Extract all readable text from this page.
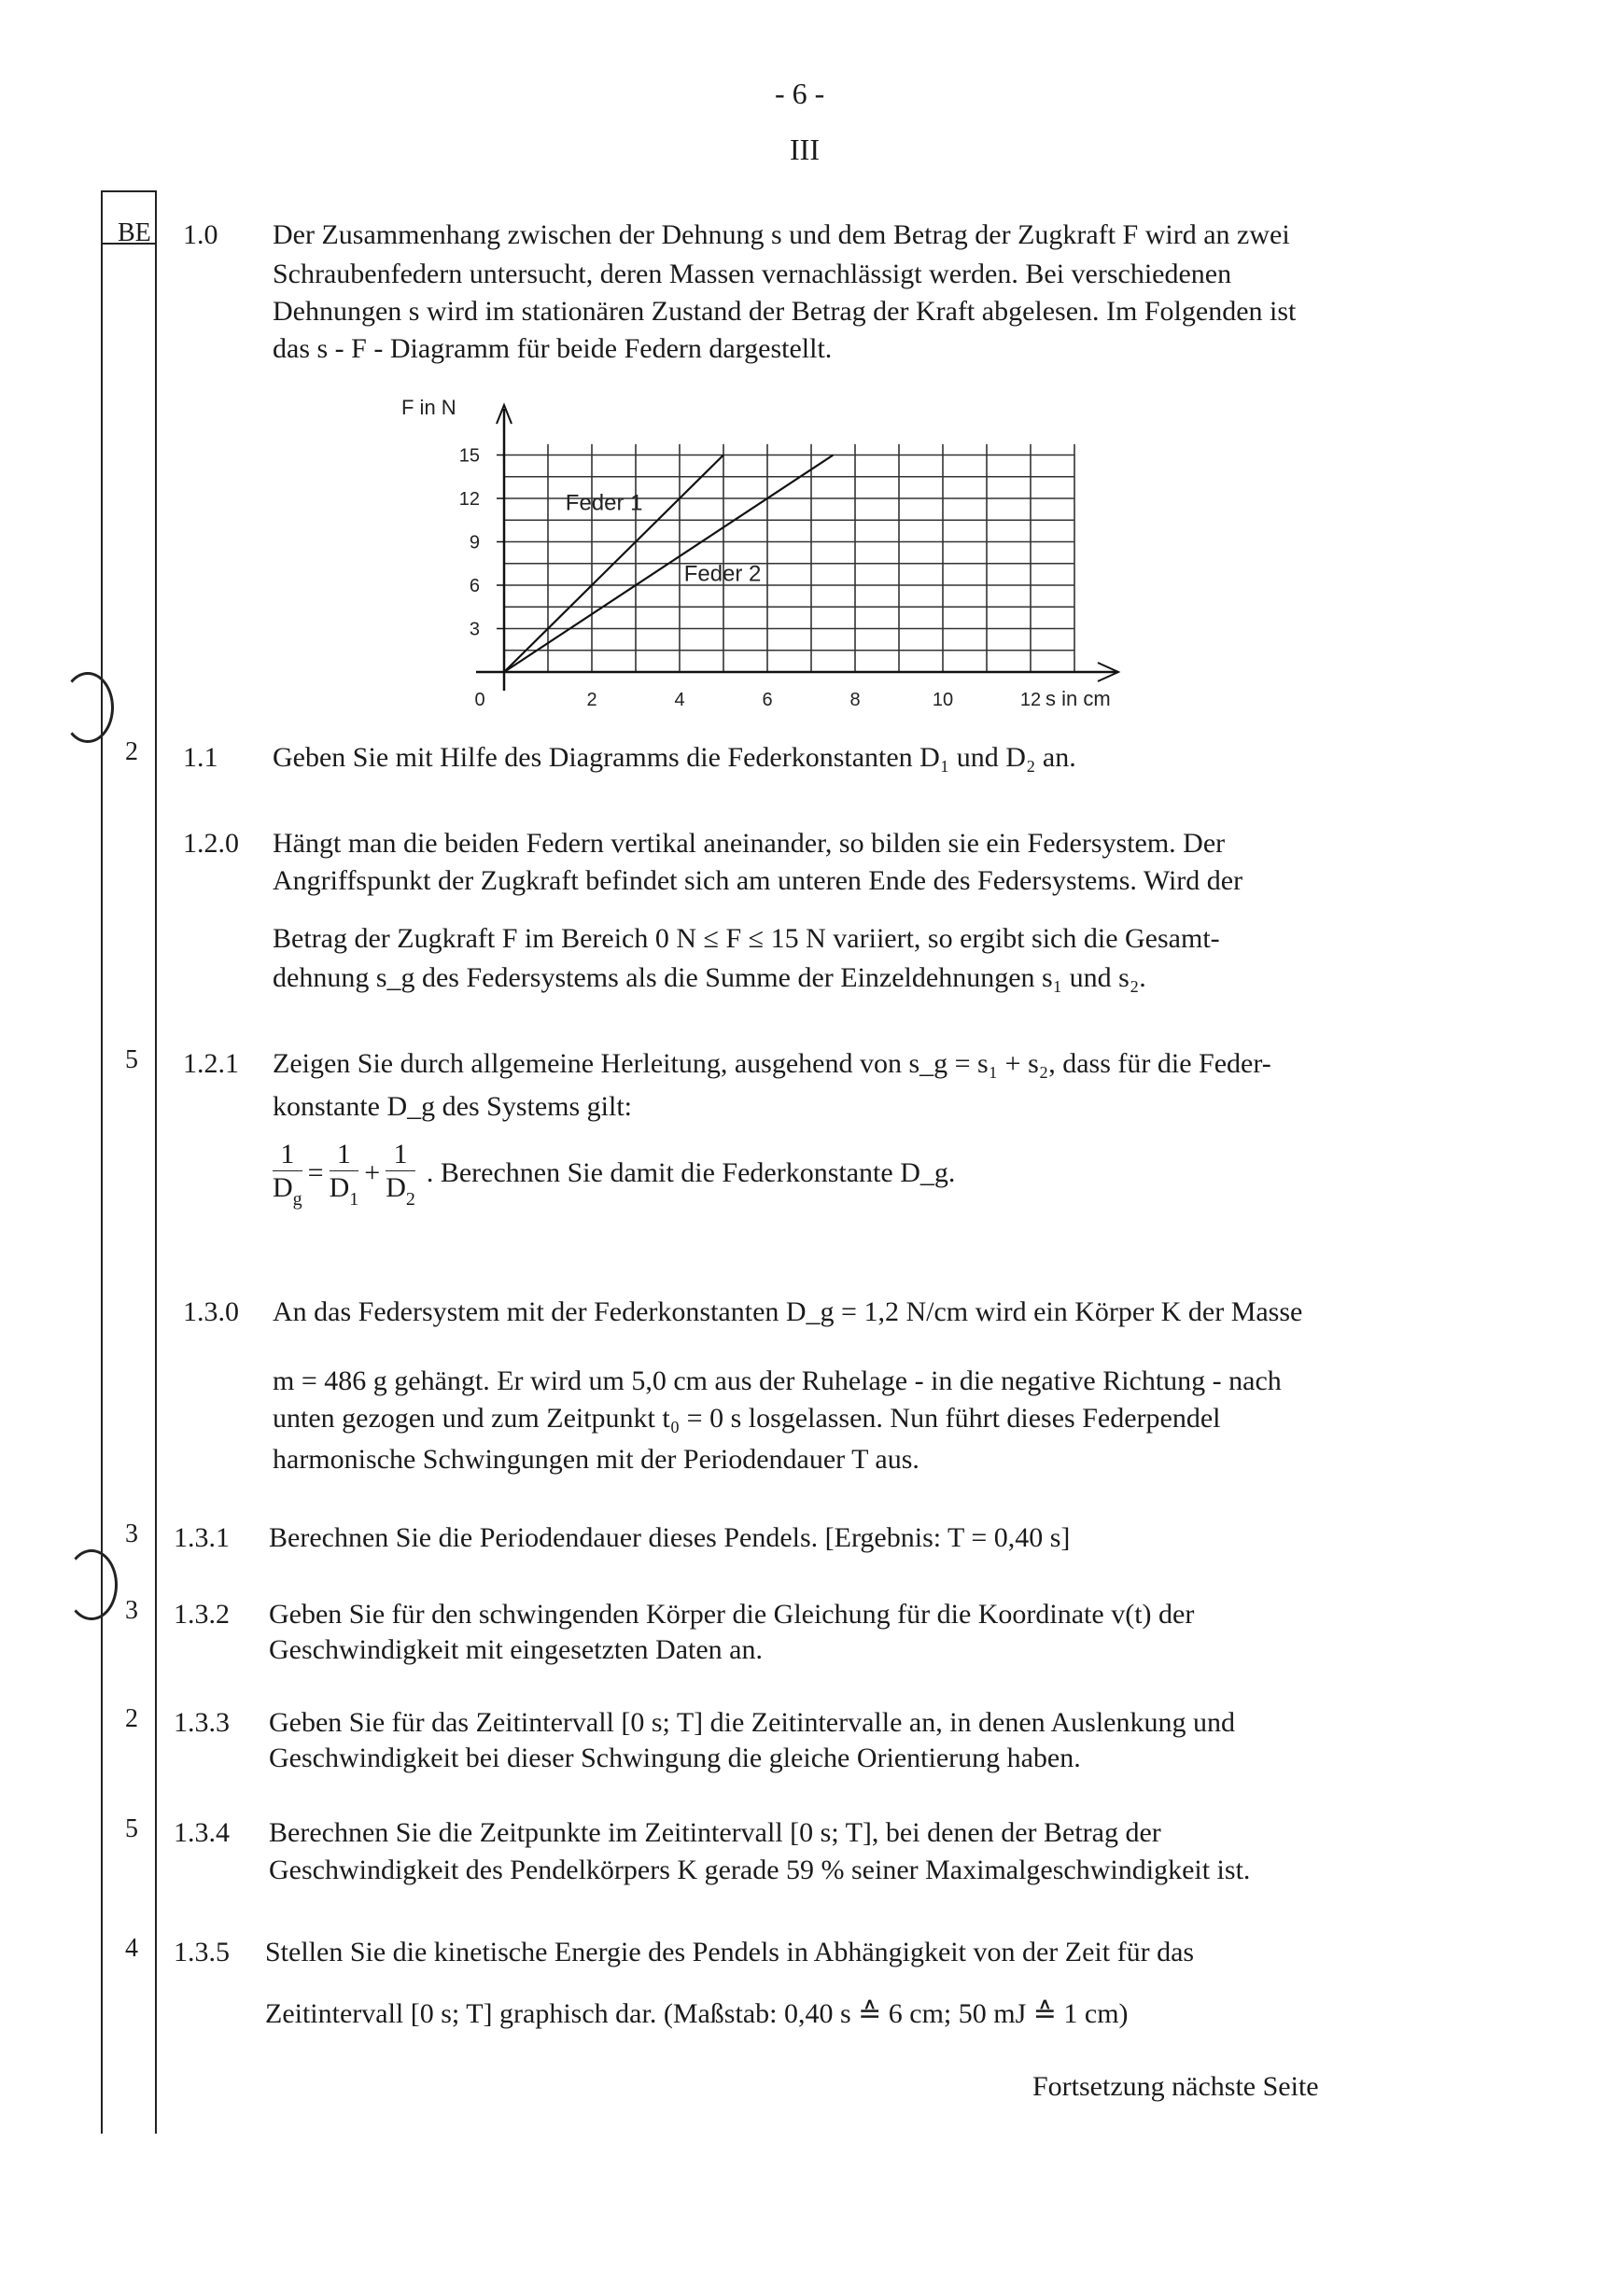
- 6 -
III
BE
2
5
3
3
2
5
4
1.0 Der Zusammenhang zwischen der Dehnung s und dem Betrag der Zugkraft F wird an zwei
Schraubenfedern untersucht, deren Massen vernachlässigt werden. Bei verschiedenen
Dehnungen s wird im stationären Zustand der Betrag der Kraft abgelesen. Im Folgenden ist
das s - F - Diagramm für beide Federn dargestellt.
3
6
9
12
15
0	2	4	6	8	10	12
F in N
s in cm
Feder 1
Feder 2
1.1 Geben Sie mit Hilfe des Diagramms die Federkonstanten D₁ und D₂ an.
1.2.0 Hängt man die beiden Federn vertikal aneinander, so bilden sie ein Federsystem. Der
Angriffspunkt der Zugkraft befindet sich am unteren Ende des Federsystems. Wird der
Betrag der Zugkraft F im Bereich 0 N ≤ F ≤ 15 N variiert, so ergibt sich die Gesamt-
dehnung s_g des Federsystems als die Summe der Einzeldehnungen s₁ und s₂.
1.2.1 Zeigen Sie durch allgemeine Herleitung, ausgehend von s_g = s₁ + s₂, dass für die Feder-
konstante D_g des Systems gilt:
$\frac{1}{D_g} = \frac{1}{D_1} + \frac{1}{D_2}$ . Berechnen Sie damit die Federkonstante D_g.
1.3.0 An das Federsystem mit der Federkonstanten D_g = 1,2 N/cm wird ein Körper K der Masse
m = 486 g gehängt. Er wird um 5,0 cm aus der Ruhelage - in die negative Richtung - nach
unten gezogen und zum Zeitpunkt t₀ = 0 s losgelassen. Nun führt dieses Federpendel
harmonische Schwingungen mit der Periodendauer T aus.
1.3.1 Berechnen Sie die Periodendauer dieses Pendels. [Ergebnis: T = 0,40 s]
1.3.2 Geben Sie für den schwingenden Körper die Gleichung für die Koordinate v(t) der
Geschwindigkeit mit eingesetzten Daten an.
1.3.3 Geben Sie für das Zeitintervall [0 s; T] die Zeitintervalle an, in denen Auslenkung und
Geschwindigkeit bei dieser Schwingung die gleiche Orientierung haben.
1.3.4 Berechnen Sie die Zeitpunkte im Zeitintervall [0 s; T], bei denen der Betrag der
Geschwindigkeit des Pendelkörpers K gerade 59 % seiner Maximalgeschwindigkeit ist.
1.3.5 Stellen Sie die kinetische Energie des Pendels in Abhängigkeit von der Zeit für das
Zeitintervall [0 s; T] graphisch dar. (Maßstab: 0,40 s ≙ 6 cm; 50 mJ ≙ 1 cm)
Fortsetzung nächste Seite
